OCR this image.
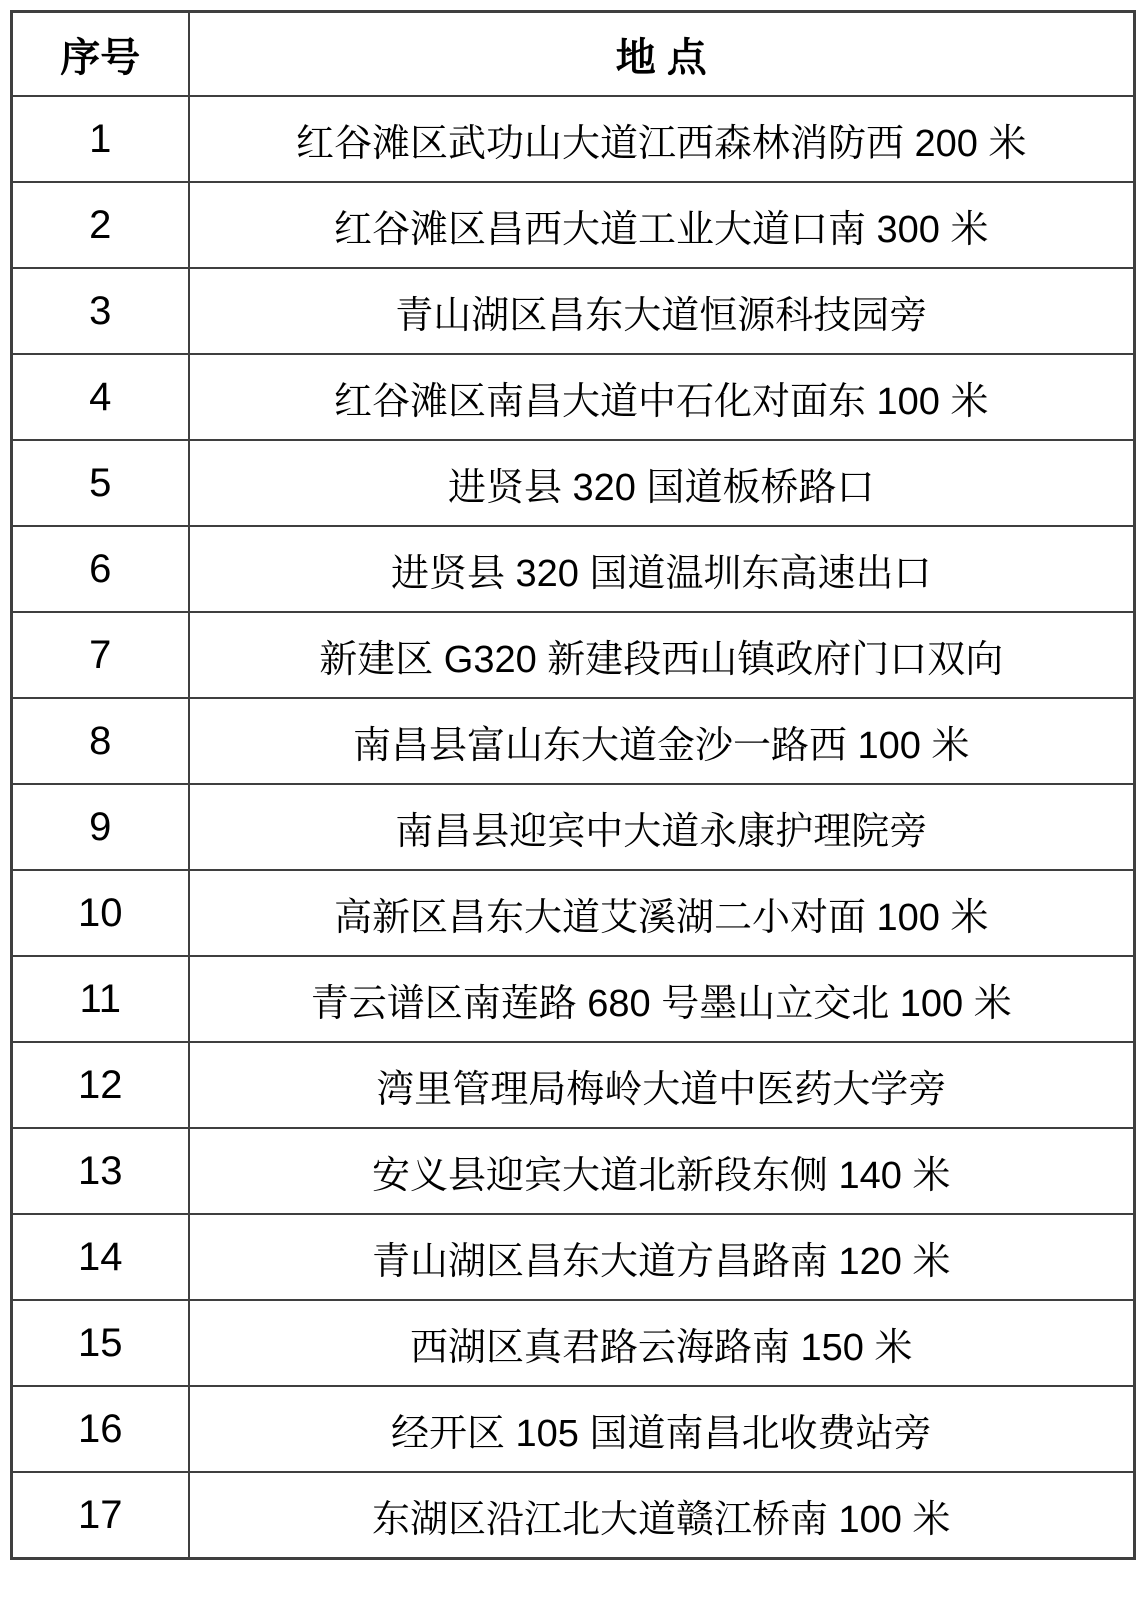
序号	地 点
1	红谷滩区武功山大道江西森林消防西 200 米
2	红谷滩区昌西大道工业大道口南 300 米
3	青山湖区昌东大道恒源科技园旁
4	红谷滩区南昌大道中石化对面东 100 米
5	进贤县 320 国道板桥路口
6	进贤县 320 国道温圳东高速出口
7	新建区 G320 新建段西山镇政府门口双向
8	南昌县富山东大道金沙一路西 100 米
9	南昌县迎宾中大道永康护理院旁
10	高新区昌东大道艾溪湖二小对面 100 米
11	青云谱区南莲路 680 号墨山立交北 100 米
12	湾里管理局梅岭大道中医药大学旁
13	安义县迎宾大道北新段东侧 140 米
14	青山湖区昌东大道方昌路南 120 米
15	西湖区真君路云海路南 150 米
16	经开区 105 国道南昌北收费站旁
17	东湖区沿江北大道赣江桥南 100 米
